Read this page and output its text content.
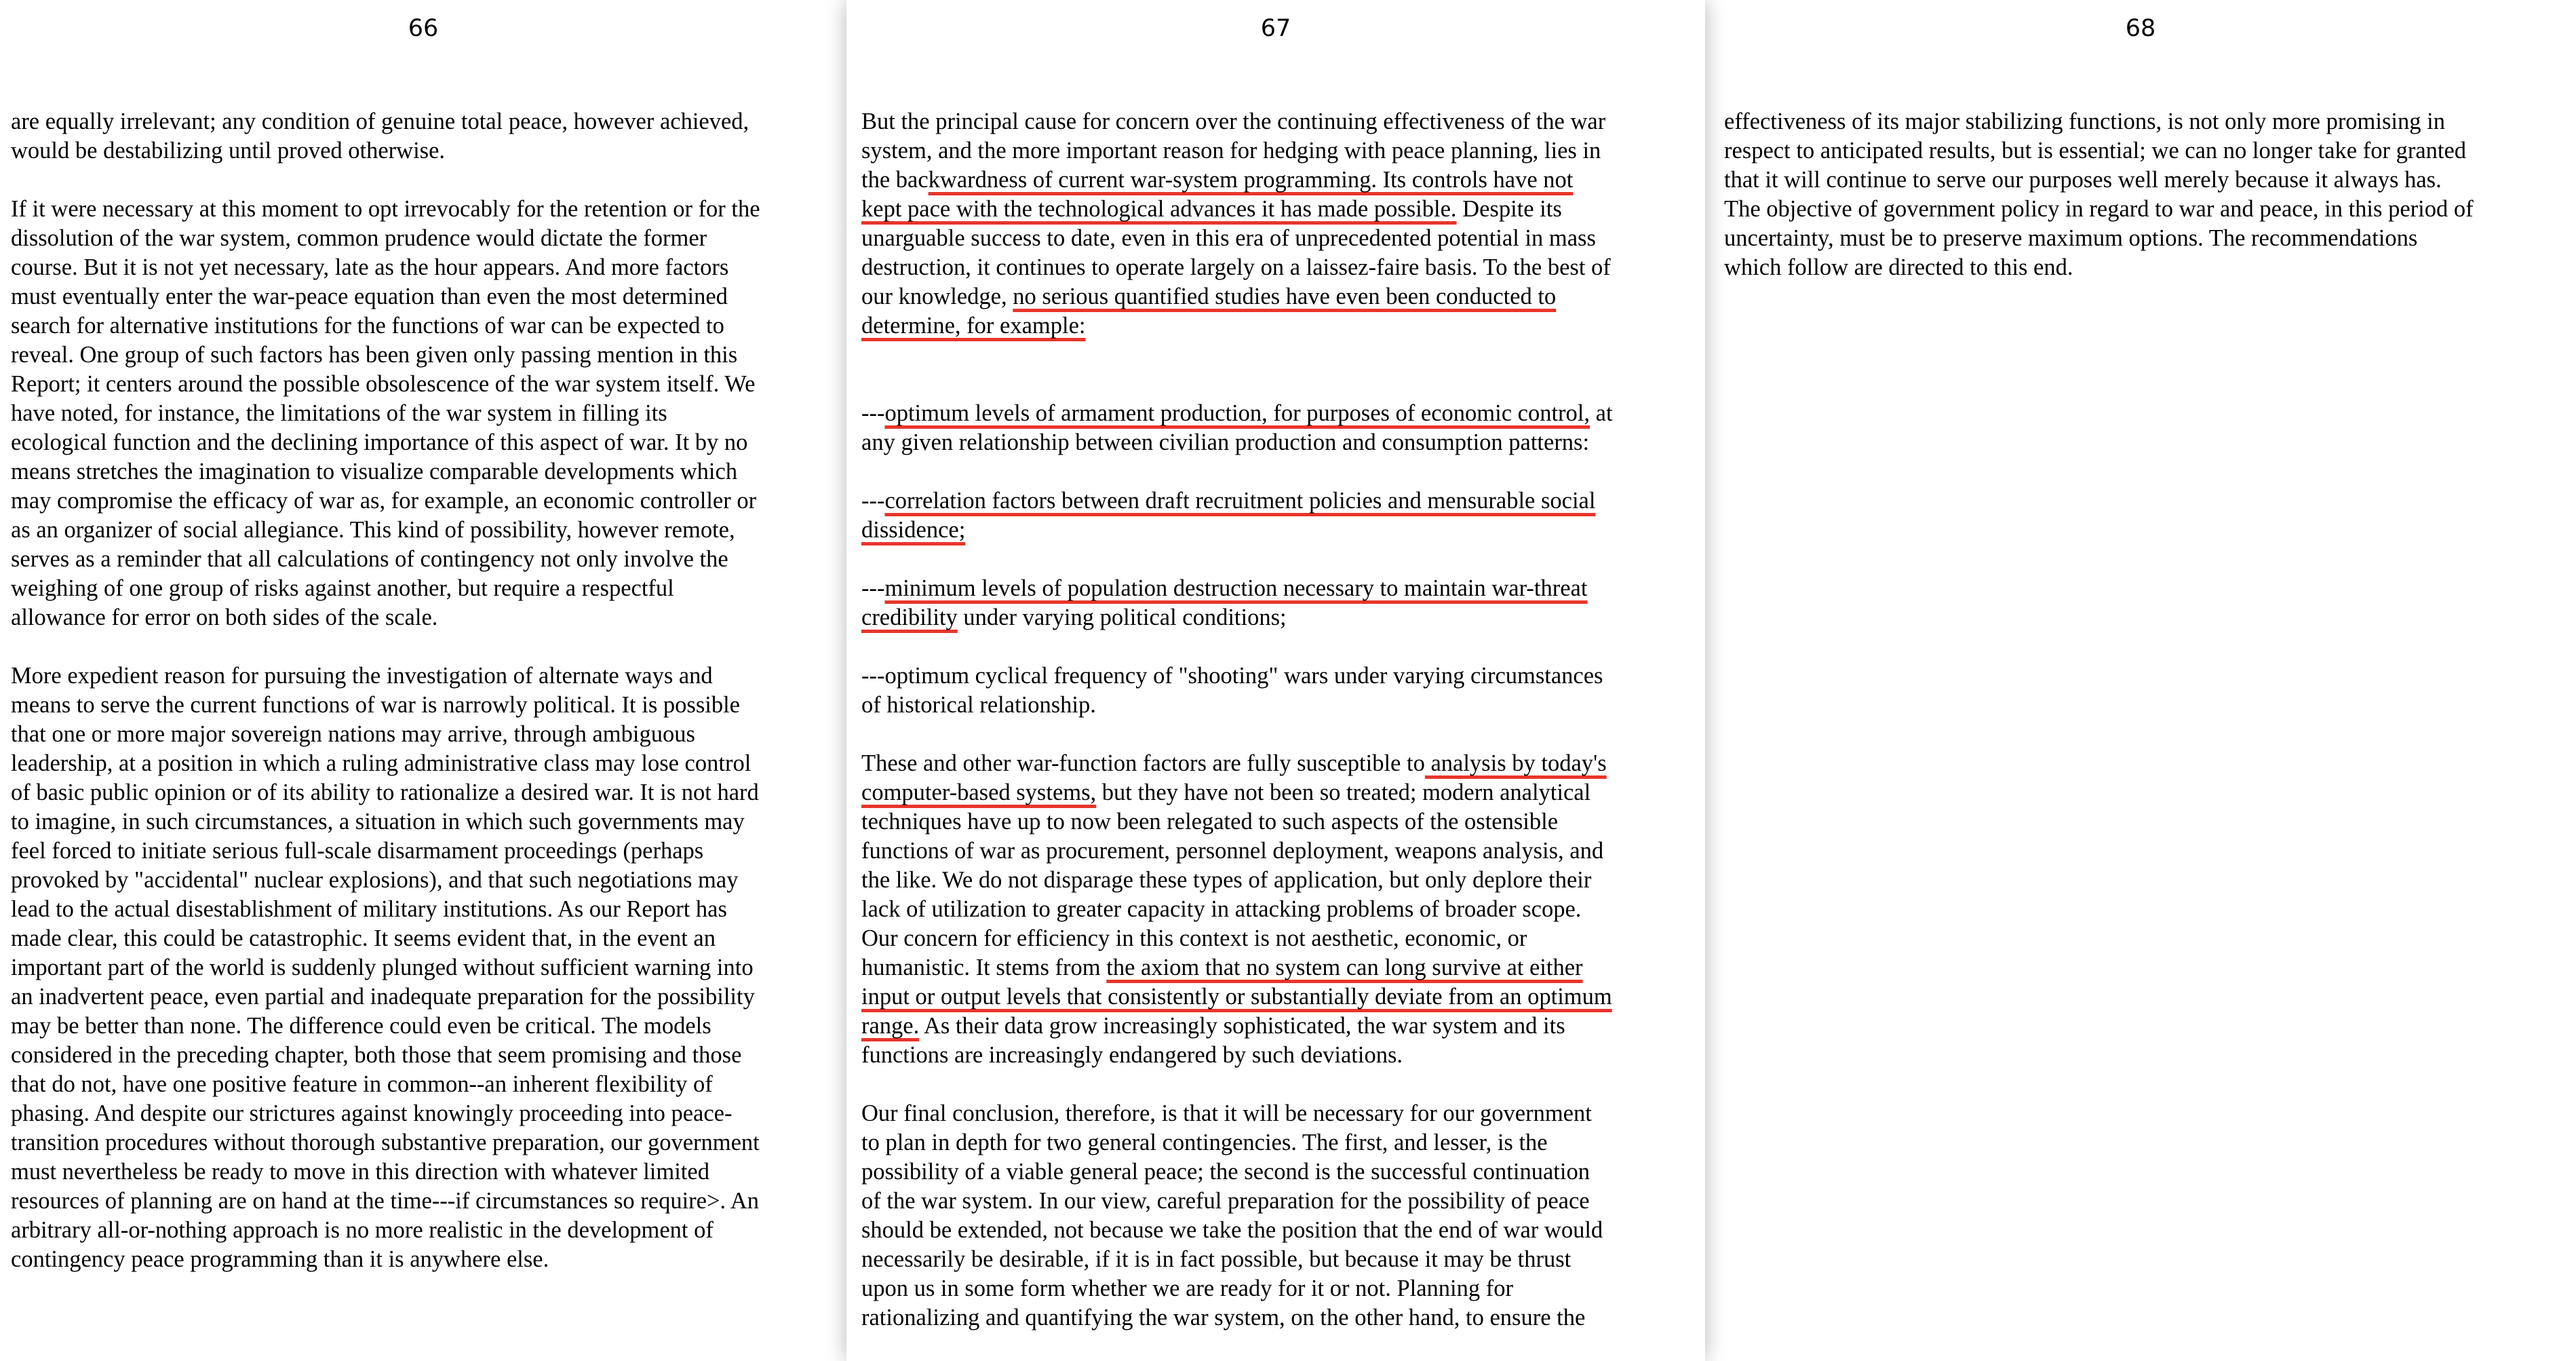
66

are equally irrelevant; any condition of genuine total peace, however achieved,
would be destabilizing until proved otherwise.

If it were necessary at this moment to opt irrevocably for the retention or for the
dissolution of the war system, common prudence would dictate the former
course. But it is not yet necessary, late as the hour appears. And more factors
must eventually enter the war-peace equation than even the most determined
search for alternative institutions for the functions of war can be expected to
reveal. One group of such factors has been given only passing mention in this
Report; it centers around the possible obsolescence of the war system itself. We
have noted, for instance, the limitations of the war system in filling its
ecological function and the declining importance of this aspect of war. It by no
means stretches the imagination to visualize comparable developments which
may compromise the efficacy of war as, for example, an economic controller or
as an organizer of social allegiance. This kind of possibility, however remote,
serves as a reminder that all calculations of contingency not only involve the
weighing of one group of risks against another, but require a respectful
allowance for error on both sides of the scale.

More expedient reason for pursuing the investigation of alternate ways and
means to serve the current functions of war is narrowly political. It is possible
that one or more major sovereign nations may arrive, through ambiguous
leadership, at a position in which a ruling administrative class may lose control
of basic public opinion or of its ability to rationalize a desired war. It is not hard
to imagine, in such circumstances, a situation in which such governments may
feel forced to initiate serious full-scale disarmament proceedings (perhaps
provoked by "accidental" nuclear explosions), and that such negotiations may
lead to the actual disestablishment of military institutions. As our Report has
made clear, this could be catastrophic. It seems evident that, in the event an
important part of the world is suddenly plunged without sufficient warning into
an inadvertent peace, even partial and inadequate preparation for the possibility
may be better than none. The difference could even be critical. The models
considered in the preceding chapter, both those that seem promising and those
that do not, have one positive feature in common--an inherent flexibility of
phasing. And despite our strictures against knowingly proceeding into peace-
transition procedures without thorough substantive preparation, our government
must nevertheless be ready to move in this direction with whatever limited
resources of planning are on hand at the time---if circumstances so require>. An
arbitrary all-or-nothing approach is no more realistic in the development of
contingency peace programming than it is anywhere else.

67

But the principal cause for concern over the continuing effectiveness of the war
system, and the more important reason for hedging with peace planning, lies in
the backwardness of current war-system programming. Its controls have not
kept pace with the technological advances it has made possible. Despite its
unarguable success to date, even in this era of unprecedented potential in mass
destruction, it continues to operate largely on a laissez-faire basis. To the best of
our knowledge, no serious quantified studies have even been conducted to
determine, for example:

---optimum levels of armament production, for purposes of economic control, at
any given relationship between civilian production and consumption patterns:

---correlation factors between draft recruitment policies and mensurable social
dissidence;

---minimum levels of population destruction necessary to maintain war-threat
credibility under varying political conditions;

---optimum cyclical frequency of "shooting" wars under varying circumstances
of historical relationship.

These and other war-function factors are fully susceptible to analysis by today's
computer-based systems, but they have not been so treated; modern analytical
techniques have up to now been relegated to such aspects of the ostensible
functions of war as procurement, personnel deployment, weapons analysis, and
the like. We do not disparage these types of application, but only deplore their
lack of utilization to greater capacity in attacking problems of broader scope.
Our concern for efficiency in this context is not aesthetic, economic, or
humanistic. It stems from the axiom that no system can long survive at either
input or output levels that consistently or substantially deviate from an optimum
range. As their data grow increasingly sophisticated, the war system and its
functions are increasingly endangered by such deviations.

Our final conclusion, therefore, is that it will be necessary for our government
to plan in depth for two general contingencies. The first, and lesser, is the
possibility of a viable general peace; the second is the successful continuation
of the war system. In our view, careful preparation for the possibility of peace
should be extended, not because we take the position that the end of war would
necessarily be desirable, if it is in fact possible, but because it may be thrust
upon us in some form whether we are ready for it or not. Planning for
rationalizing and quantifying the war system, on the other hand, to ensure the

68

effectiveness of its major stabilizing functions, is not only more promising in
respect to anticipated results, but is essential; we can no longer take for granted
that it will continue to serve our purposes well merely because it always has.
The objective of government policy in regard to war and peace, in this period of
uncertainty, must be to preserve maximum options. The recommendations
which follow are directed to this end.
